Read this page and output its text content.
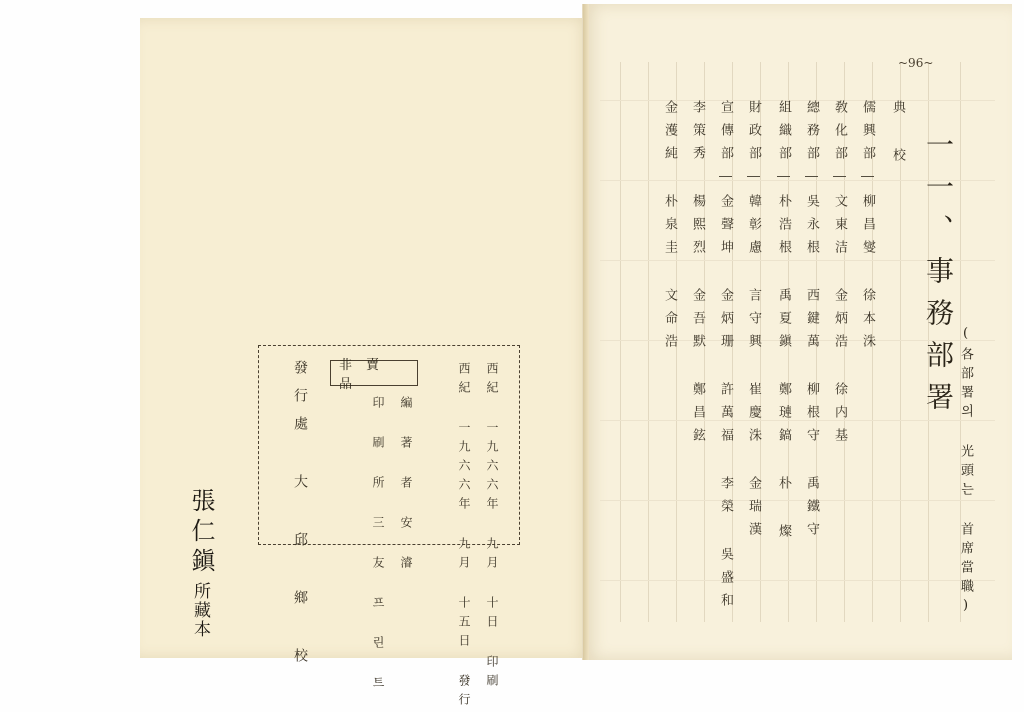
~96~
一一、事務部署
(各部署의 光頭는 首席當職)
典 校
儒興部―柳昌燮 徐本洙
敎化部―文東洁 金炳浩 徐内基
總務部―吳永根 西鍵萬 柳根守 禹鐵守
組織部―朴浩根 禹夏鎭 鄭璉鎬 朴 燦
財政部―韓彰慮 言守興 崔慶洙 金瑞漢
宣傳部―金聲坤 金炳珊 許萬福 李榮 吳盛和
李策秀 楊熙烈 金吾默 鄭昌鉉
金濩純 朴泉圭 文命浩
非賣品	西紀 一九六六年 九月 十日 印刷
西紀 一九六六年 九月 十五日 發行
編 著 者 安 濬
印 刷 所 三 友 프 린 트
發行處 大 邱 鄉 校
張仁鎭
所藏本
